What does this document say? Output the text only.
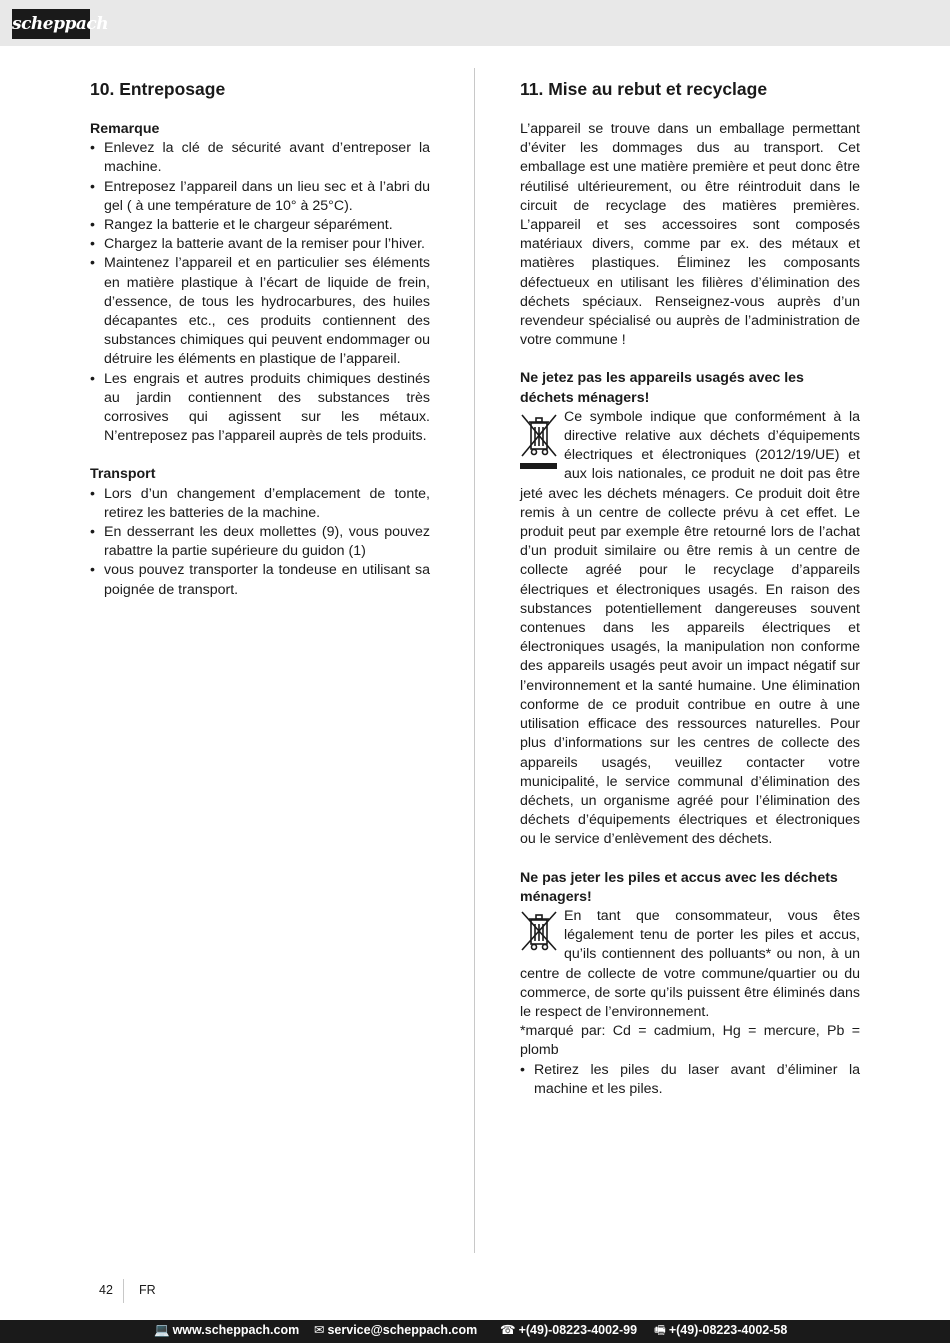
scheppach
10. Entreposage
Remarque
• Enlevez la clé de sécurité avant d’entreposer la machine.
• Entreposez l’appareil dans un lieu sec et à l’abri du gel ( à une température de 10° à 25°C).
• Rangez la batterie et le chargeur séparément.
• Chargez la batterie avant de la remiser pour l’hiver.
• Maintenez l’appareil et en particulier ses éléments en matière plastique à l’écart de liquide de frein, d’essence, de tous les hydrocarbures, des huiles décapantes etc., ces produits contiennent des substances chimiques qui peuvent endommager ou détruire les éléments en plastique de l’appareil.
• Les engrais et autres produits chimiques destinés au jardin contiennent des substances très corrosives qui agissent sur les métaux. N’entreposez pas l’appareil auprès de tels produits.
Transport
• Lors d’un changement d’emplacement de tonte, retirez les batteries de la machine.
• En desserrant les deux mollettes (9), vous pouvez rabattre la partie supérieure du guidon (1)
• vous pouvez transporter la tondeuse en utilisant sa poignée de transport.
11. Mise au rebut et recyclage

L’appareil se trouve dans un emballage permettant d’éviter les dommages dus au transport. Cet emballage est une matière première et peut donc être réutilisé ultérieurement, ou être réintroduit dans le circuit de recyclage des matières premières. L’appareil et ses accessoires sont composés matériaux divers, comme par ex. des métaux et matières plastiques. Éliminez les composants défectueux en utilisant les filières d’élimination des déchets spéciaux. Renseignez-vous auprès d’un revendeur spécialisé ou auprès de l’administration de votre commune !

Ne jetez pas les appareils usagés avec les déchets ménagers!

Ce symbole indique que conformément à la directive relative aux déchets d’équipements électriques et électroniques (2012/19/UE) et aux lois nationales, ce produit ne doit pas être jeté avec les déchets ménagers. Ce produit doit être remis à un centre de collecte prévu à cet effet. Le produit peut par exemple être retourné lors de l’achat d’un produit similaire ou être remis à un centre de collecte agréé pour le recyclage d’appareils électriques et électroniques usagés. En raison des substances potentiellement dangereuses souvent contenues dans les appareils électriques et électroniques usagés, la manipulation non conforme des appareils usagés peut avoir un impact négatif sur l’environnement et la santé humaine. Une élimination conforme de ce produit contribue en outre à une utilisation efficace des ressources naturelles. Pour plus d’informations sur les centres de collecte des appareils usagés, veuillez contacter votre municipalité, le service communal d’élimination des déchets, un organisme agréé pour l’élimination des déchets d’équipements électriques et électroniques ou le service d’enlèvement des déchets.

Ne pas jeter les piles et accus avec les déchets ménagers!

En tant que consommateur, vous êtes légalement tenu de porter les piles et accus, qu’ils contiennent des polluants* ou non, à un centre de collecte de votre commune/quartier ou du commerce, de sorte qu’ils puissent être éliminés dans le respect de l’environnement.

*marqué par: Cd = cadmium, Hg = mercure, Pb = plomb

• Retirez les piles du laser avant d’éliminer la machine et les piles.
42	FR
💻 www.scheppach.com ✉ service@scheppach.com ☎ +(49)-08223-4002-99 🖷 +(49)-08223-4002-58
